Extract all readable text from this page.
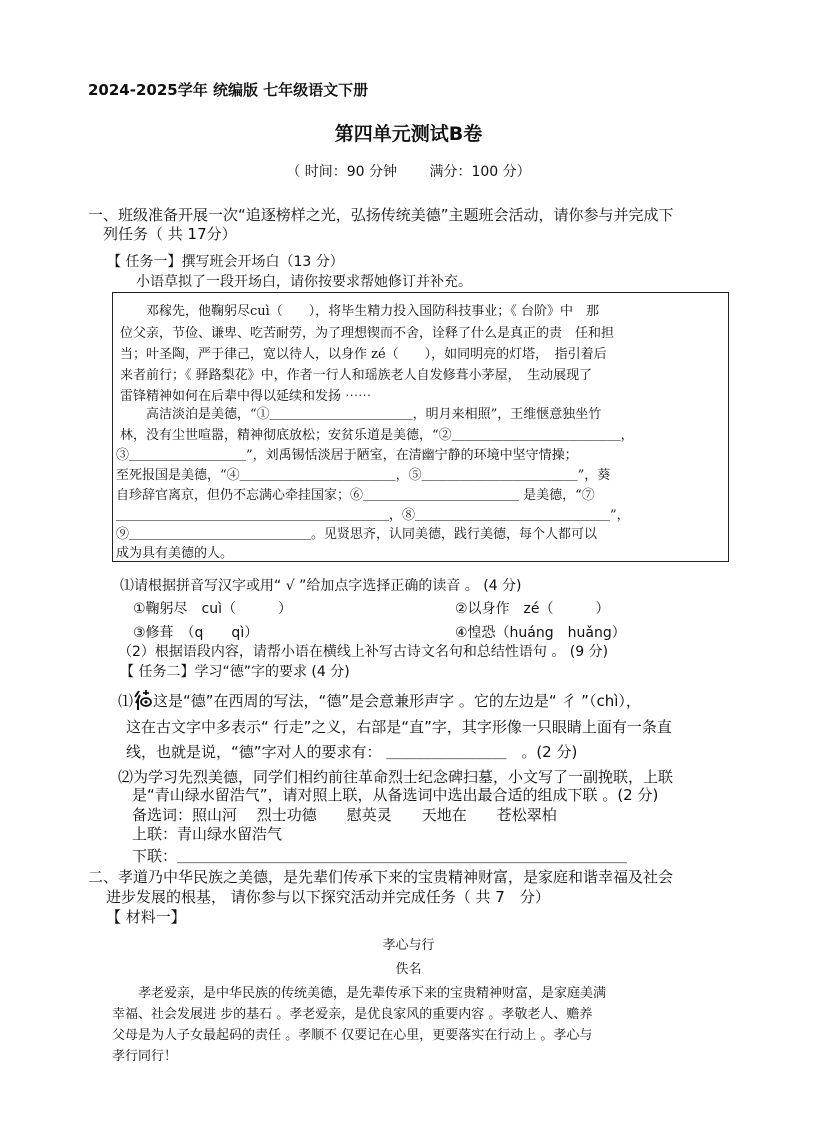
2024-2025学年 统编版 七年级语文下册
第四单元测试B卷
（ 时间：90 分钟　　 满分：100 分）
一、班级准备开展一次“追逐榜样之光，弘扬传统美德”主题班会活动，请你参与并完成下
列任务（ 共 17分）
【 任务一】撰写班会开场白（13 分）
小语草拟了一段开场白，请你按要求帮她修订并补充。
邓稼先，他鞠躬尽cuì（　　），将毕生精力投入国防科技事业；《 台阶》中　那
位父亲，节俭、谦卑、吃苦耐劳，为了理想锲而不舍，诠释了什么是真正的责　任和担
当；叶圣陶，严于律己，宽以待人，以身作 zé（　　），如同明亮的灯塔，　指引着后
来者前行；《 驿路梨花》中，作者一行人和瑶族老人自发修葺小茅屋，　生动展现了
雷锋精神如何在后辈中得以延续和发扬 ⋯⋯
高洁淡泊是美德，“①＿＿＿＿＿＿＿＿＿＿＿，明月来相照”，王维惬意独坐竹
林，没有尘世喧嚣，精神彻底放松；安贫乐道是美德，“②＿＿＿＿＿＿＿＿＿＿＿＿＿，
③＿＿＿＿＿＿＿＿＿”，刘禹锡恬淡居于陋室，在清幽宁静的环境中坚守情操；
至死报国是美德，“④＿＿＿＿＿＿＿＿＿＿＿＿，⑤＿＿＿＿＿＿＿＿＿＿＿＿”，葵
自珍辞官离京，但仍不忘满心牵挂国家；⑥＿＿＿＿＿＿＿＿＿＿＿＿ 是美德，“⑦
＿＿＿＿＿＿＿＿＿＿＿＿＿＿＿＿＿＿＿＿＿，⑧＿＿＿＿＿＿＿＿＿＿＿＿＿＿＿”，
⑨＿＿＿＿＿＿＿＿＿＿＿＿＿＿。见贤思齐，认同美德，践行美德，每个人都可以
成为具有美德的人。
⑴请根据拼音写汉字或用“ √ ”给加点字选择正确的读音 。 (4 分)
①鞠躬尽　cuì（　　　）	②以身作　zé（　　　）
③修葺　（q　　qì）	④惶恐（huáng　huǎng）
（2）根据语段内容，请帮小语在横线上补写古诗文名句和总结性语句 。 (9 分)
【 任务二】学习“德”字的要求 (4 分)
⑴ 这是“德”在西周的写法，“德”是会意兼形声字 。它的左边是“ 彳 ”（chì），
这在古文字中多表示“ 行走”之义，右部是“直”字，其字形像一只眼睛上面有一条直
线，也就是说，“德”字对人的要求有： ＿＿＿＿＿＿＿＿　。(2 分)
⑵为学习先烈美德，同学们相约前往革命烈士纪念碑扫墓，小文写了一副挽联，上联
是“青山绿水留浩气”，请对照上联，从备选词中选出最合适的组成下联 。(2 分)
备选词：照山河　 烈士功德　　慰英灵　　天地在　　苍松翠柏
上联：青山绿水留浩气
下联：＿＿＿＿＿＿＿＿＿＿＿＿＿＿＿＿＿＿＿＿＿＿＿＿＿＿＿＿＿＿
二、孝道乃中华民族之美德，是先辈们传承下来的宝贵精神财富，是家庭和谐幸福及社会
进步发展的根基， 请你参与以下探究活动并完成任务（ 共 7　分）
【 材料一】
孝心与行
佚名
孝老爱亲，是中华民族的传统美德，是先辈传承下来的宝贵精神财富，是家庭美满
幸福、社会发展进 步的基石 。孝老爱亲，是优良家风的重要内容 。孝敬老人、赡养
父母是为人子女最起码的责任 。孝顺不 仅要记在心里，更要落实在行动上 。孝心与
孝行同行！
